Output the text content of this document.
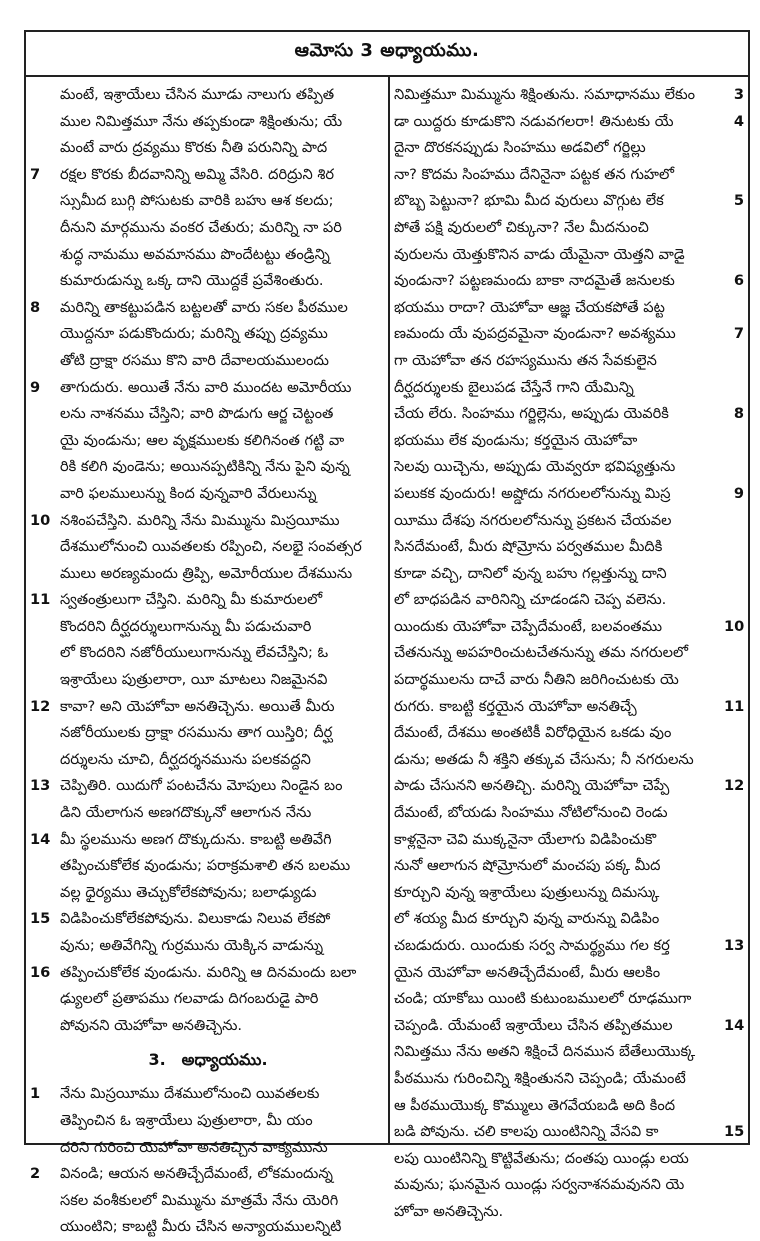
ఆమోసు 3 అధ్యాయము.
మంటే, ఇశ్రాయేలు చేసిన మూడు నాలుగు తప్పిత
ముల నిమిత్తమూ నేను తప్పకుండా శిక్షింతును; యే
మంటే వారు ద్రవ్యము కొరకు నీతి పరునిన్ని పాద
రక్షల కొరకు బీదవానిన్ని అమ్మి వేసిరి. దరిద్రుని శిర
7
స్సుమీద బుగ్గి పోసుటకు వారికి బహు ఆశ కలదు;
దీనుని మార్గమును వంకర చేతురు; మరిన్ని నా పరి
శుద్ధ నామము అవమానము పొందేటట్టు తండ్రిన్ని
కుమారుడున్ను ఒక్క దాని యొద్దకే ప్రవేశింతురు.
మరిన్ని తాకట్టుపడిన బట్టలతో వారు సకల పీఠముల
8
యొద్దనూ పడుకొందురు; మరిన్ని తప్పు ద్రవ్యము
తోటి ద్రాక్షా రసము కొని వారి దేవాలయములందు
తాగుదురు. అయితే నేను వారి ముందట అమోరీయు
9
లను నాశనము చేస్తిని; వారి పొడుగు ఆర్జ చెట్టంత
యై వుండును; ఆల వృక్షములకు కలిగినంత గట్టి వా
రికి కలిగి వుండెను; అయినప్పటికిన్ని నేను పైని వున్న
వారి ఫలములున్ను కింద వున్నవారి వేరులున్ను
నశింపచేస్తిని. మరిన్ని నేను మిమ్మును మిస్రయీము
10
దేశములోనుంచి యివతలకు రప్పించి, నలభై సంవత్సర
ములు అరణ్యమందు త్రిప్పి, అమోరీయుల దేశమును
స్వతంత్రులుగా చేస్తిని. మరిన్ని మీ కుమారులలో
11
కొందరిని దీర్ఘదర్శులుగానున్ను మీ పడుచువారి
లో కొందరిని నజోరీయులుగానున్ను లేవచేస్తిని; ఓ
ఇశ్రాయేలు పుత్రులారా, యీ మాటలు నిజమైనవి
కావా? అని యెహోవా అనతిచ్చెను. అయితే మీరు
12
నజోరీయులకు ద్రాక్షా రసమును తాగ యిస్తిరి; దీర్ఘ
దర్శులను చూచి, దీర్ఘదర్శనమును పలకవద్దని
చెప్పితిరి. యిదుగో పంటచేను మోపులు నిండైన బం
13
డిని యేలాగున అణగదొక్కునో ఆలాగున నేను
మీ స్థలమును అణగ దొక్కుదును. కాబట్టి అతివేగి
14
తప్పించుకోలేక వుండును; పరాక్రమశాలి తన బలము
వల్ల ధైర్యము తెచ్చుకోలేకపోవును; బలాఢ్యుడు
విడిపించుకోలేకపోవును. విలుకాడు నిలువ లేకపో
15
వును; అతివేగిన్ని గుర్రమును యెక్కిన వాడున్ను
తప్పించుకోలేక వుండును. మరిన్ని ఆ దినమందు బలా
16
ఢ్యులలో ప్రతాపము గలవాడు దిగంబరుడై పారి
పోవునని యెహోవా అనతిచ్చెను.
3. అధ్యాయము.
నేను మిస్రయీము దేశములోనుంచి యివతలకు
1
తెప్పించిన ఓ ఇశ్రాయేలు పుత్రులారా, మీ యం
దరిని గురించి యెహోవా అనతిచ్చిన వాక్యమును
వినండి; ఆయన అనతిచ్చేదేమంటే, లోకమందున్న
2
సకల వంశీకులలో మిమ్మును మాత్రమే నేను యెరిగి
యుంటిని; కాబట్టి మీరు చేసిన అన్యాయములన్నిటి
నిమిత్తమూ మిమ్మును శిక్షింతును. సమాధానము లేకుం	3
డా యిద్దరు కూడుకొని నడువగలరా! తినుటకు యే	4
దైనా దొరకనప్పుడు సింహము అడవిలో గర్జిల్లు
నా? కొదమ సింహము దేనినైనా పట్టక తన గుహలో
బొబ్బ పెట్టునా? భూమి మీద వురులు వొగ్గుట లేక	5
పోతే పక్షి వురులలో చిక్కునా? నేల మీదనుంచి
వురులను యెత్తుకొనిన వాడు యేమైనా యెత్తని వాడై
వుండునా? పట్టణమందు బాకా నాదమైతే జనులకు	6
భయము రాదా? యెహోవా ఆజ్ఞ చేయకపోతే పట్ట
ణమందు యే వుపద్రవమైనా వుండునా? అవశ్యము	7
గా యెహోవా తన రహస్యమును తన సేవకులైన
దీర్ఘదర్శులకు బైలుపడ చేస్తేనే గాని యేమిన్ని
చేయ లేరు. సింహము గర్జిల్లెను, అప్పుడు యెవరికి	8
భయము లేక వుండును; కర్తయైన యెహోవా
సెలవు యిచ్చెను, అప్పుడు యెవ్వరూ భవిష్యత్తును
పలుకక వుందురు! అష్డోదు నగరులలోనున్ను మిస్ర	9
యీము దేశపు నగరులలోనున్ను ప్రకటన చేయవల
సినదేమంటే, మీరు షోమ్రోను పర్వతముల మీదికి
కూడా వచ్చి, దానిలో వున్న బహు గల్లత్తున్ను దాని
లో బాధపడిన వారినిన్ని చూడండని చెప్ప వలెను.
యిందుకు యెహోవా చెప్పేదేమంటే, బలవంతము	10
చేతనున్ను అపహరించుటచేతనున్ను తమ నగరులలో
పదార్థములను దాచే వారు నీతిని జరిగించుటకు యె
రుగరు. కాబట్టి కర్తయైన యెహోవా అనతిచ్చే	11
దేమంటే, దేశము అంతటికీ విరోధియైన ఒకడు వుం
డును; అతడు నీ శక్తిని తక్కువ చేసును; నీ నగరులను
పాడు చేసునని అనతిచ్చి. మరిన్ని యెహోవా చెప్పే	12
దేమంటే, బోయడు సింహము నోటిలోనుంచి రెండు
కాళ్లనైనా చెవి ముక్కనైనా యేలాగు విడిపించుకొ
నునో ఆలాగున షోమ్రోనులో మంచపు పక్క మీద
కూర్చుని వున్న ఇశ్రాయేలు పుత్రులున్ను దిమస్కు
లో శయ్య మీద కూర్చుని వున్న వారున్ను విడిపిం
చబడుదురు. యిందుకు సర్వ సామర్థ్యము గల కర్త	13
యైన యెహోవా అనతిచ్చేదేమంటే, మీరు ఆలకిం
చండి; యాకోబు యింటి కుటుంబములలో రూఢముగా
చెప్పండి. యేమంటే ఇశ్రాయేలు చేసిన తప్పితముల	14
నిమిత్తము నేను అతని శిక్షించే దినమున బేతేలుయొక్క
పీఠమును గురించిన్ని శిక్షింతునని చెప్పండి; యేమంటే
ఆ పీఠముయొక్క కొమ్ములు తెగవేయబడి అది కింద
బడి పోవును. చలి కాలపు యింటినిన్ని వేసవి కా	15
లపు యింటినిన్ని కొట్టివేతును; దంతపు యిండ్లు లయ
మవును; ఘనమైన యిండ్లు సర్వనాశనమవునని యె
హోవా అనతిచ్చెను.
